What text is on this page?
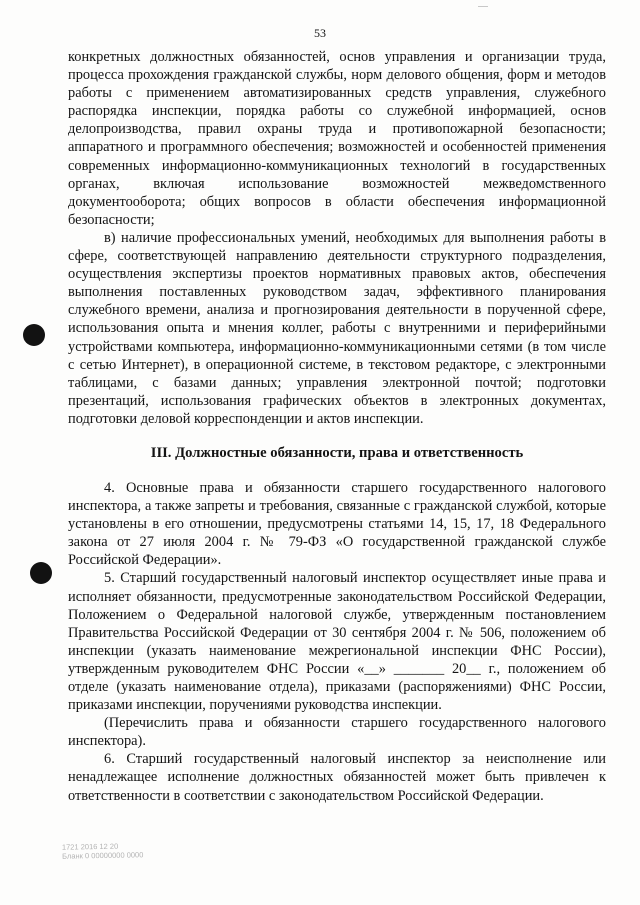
53

конкретных должностных обязанностей, основ управления и организации труда, процесса прохождения гражданской службы, норм делового общения, форм и методов работы с применением автоматизированных средств управления, служебного распорядка инспекции, порядка работы со служебной информацией, основ делопроизводства, правил охраны труда и противопожарной безопасности; аппаратного и программного обеспечения; возможностей и особенностей применения современных информационно-коммуникационных технологий в государственных органах, включая использование возможностей межведомственного документооборота; общих вопросов в области обеспечения информационной безопасности;

в) наличие профессиональных умений, необходимых для выполнения работы в сфере, соответствующей направлению деятельности структурного подразделения, осуществления экспертизы проектов нормативных правовых актов, обеспечения выполнения поставленных руководством задач, эффективного планирования служебного времени, анализа и прогнозирования деятельности в порученной сфере, использования опыта и мнения коллег, работы с внутренними и периферийными устройствами компьютера, информационно-коммуникационными сетями (в том числе с сетью Интернет), в операционной системе, в текстовом редакторе, с электронными таблицами, с базами данных; управления электронной почтой; подготовки презентаций, использования графических объектов в электронных документах, подготовки деловой корреспонденции и актов инспекции.

III. Должностные обязанности, права и ответственность

4. Основные права и обязанности старшего государственного налогового инспектора, а также запреты и требования, связанные с гражданской службой, которые установлены в его отношении, предусмотрены статьями 14, 15, 17, 18 Федерального закона от 27 июля 2004 г. № 79-ФЗ «О государственной гражданской службе Российской Федерации».

5. Старший государственный налоговый инспектор осуществляет иные права и исполняет обязанности, предусмотренные законодательством Российской Федерации, Положением о Федеральной налоговой службе, утвержденным постановлением Правительства Российской Федерации от 30 сентября 2004 г. № 506, положением об инспекции (указать наименование межрегиональной инспекции ФНС России), утвержденным руководителем ФНС России «__» _______ 20__ г., положением об отделе (указать наименование отдела), приказами (распоряжениями) ФНС России, приказами инспекции, поручениями руководства инспекции.

(Перечислить права и обязанности старшего государственного налогового инспектора).

6. Старший государственный налоговый инспектор за неисполнение или ненадлежащее исполнение должностных обязанностей может быть привлечен к ответственности в соответствии с законодательством Российской Федерации.

1721 2016 12 20
Бланк 0 00000000 0000
